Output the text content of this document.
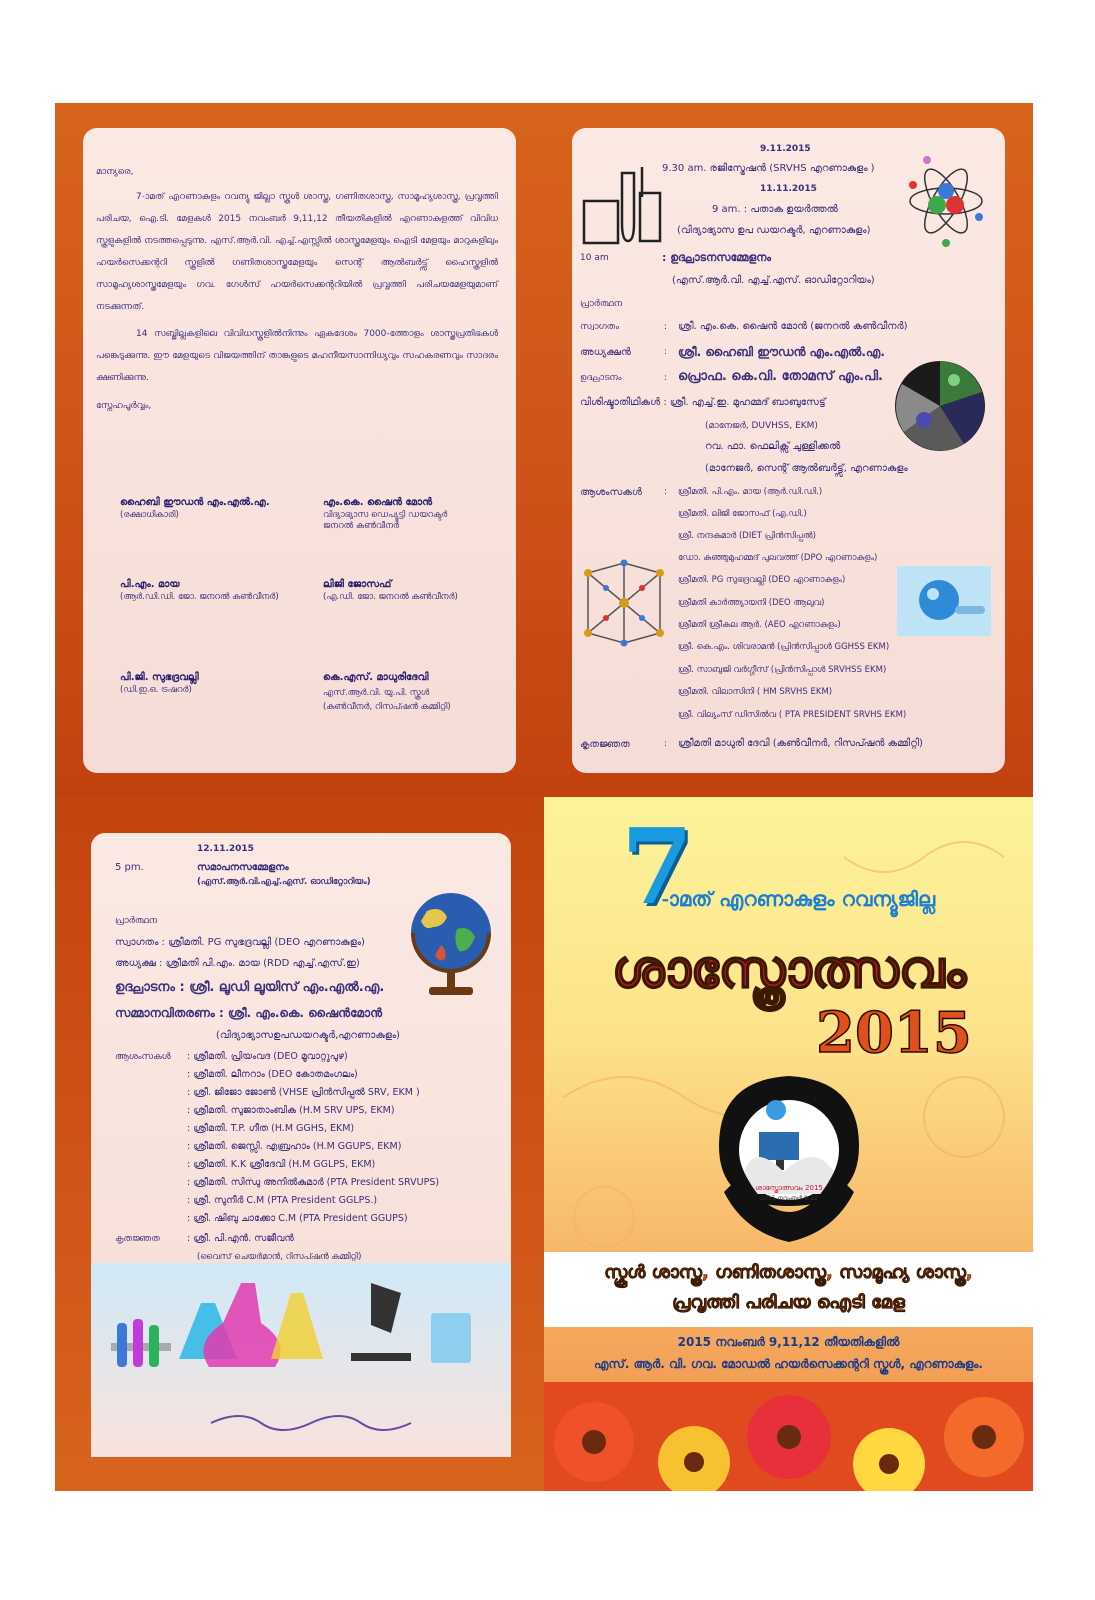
മാന്യരെ,
7-ാമത് എറണാകുളം റവന്യു ജില്ലാ സ്കൂൾ ശാസ്ത്ര, ഗണിതശാസ്ത്ര, സാമൂഹ്യശാസ്ത്ര, പ്രവൃത്തി പരിചയ, ഐ.ടി. മേളകൾ 2015 നവംബർ 9,11,12 തീയതികളിൽ എറണാകുളത്ത് വിവിധ സ്കൂളുകളിൽ നടത്തപ്പെടുന്നു. എസ്.ആർ.വി. എച്ച്.എസ്സിൽ ശാസ്ത്രമേളയും ഐടി മേളയും മാറുകളിലും ഹയർസെക്കന്ററി സ്കൂളിൽ ഗണിതശാസ്ത്രമേളയും സെന്റ് ആൽബർട്ട്സ് ഹൈസ്കൂളിൽ സാമൂഹ്യശാസ്ത്രമേളയും ഗവ. ഗേൾസ് ഹയർസെക്കന്ററിയിൽ പ്രവൃത്തി പരിചയമേളയുമാണ് നടക്കുന്നത്.
14 സബ്ജില്ലകളിലെ വിവിധസ്കൂളിൽനിന്നും ഏകദേശം 7000-ത്തോളം ശാസ്ത്രപ്രതിഭകൾ പങ്കെടുക്കുന്നു. ഈ മേളയുടെ വിജയത്തിന് താങ്കളുടെ മഹനീയസാന്നിധ്യവും സഹകരണവും സാദരം ക്ഷണിക്കുന്നു.
സ്നേഹപൂർവ്വം,
ഹൈബി ഈഡൻ എം.എൽ.എ.
(രക്ഷാധികാരി)
എം.കെ. ഷൈൻ മോൻ
വിദ്യാഭ്യാസ ഡെപ്യൂട്ടി ഡയറക്ടർ
ജനറൽ കൺവീനർ
പി.എം. മായ
(ആർ.ഡി.ഡി. ജോ. ജനറൽ കൺവീനർ)
ലിജി ജോസഫ്
(എ.ഡി. ജോ. ജനറൽ കൺവീനർ)
പി.ജി. സുഭദ്രവല്ലി
(ഡി.ഇ.ഒ. ട്രഷറർ)
കെ.എസ്. മാധുരിദേവി
എസ്.ആർ.വി. യു.പി. സ്കൂൾ
(കൺവീനർ, റിസപ്ഷൻ കമ്മിറ്റി)
9.11.2015
9.30 am. രജിസ്ട്രേഷൻ (SRVHS എറണാകുളം )
11.11.2015
9 am. : പതാക ഉയർത്തൽ
(വിദ്യാഭ്യാസ ഉപ ഡയറക്ടർ, എറണാകുളം)
10 am	: ഉദ്ഘാടനസമ്മേളനം
(എസ്.ആർ.വി. എച്ച്.എസ്. ഓഡിറ്റോറിയം)
പ്രാർത്ഥന
സ്വാഗതം	: ശ്രീ. എം.കെ. ഷൈൻ മോൻ (ജനറൽ കൺവീനർ)
അധ്യക്ഷൻ	: ശ്രീ. ഹൈബി ഈഡൻ എം.എൽ.എ.
ഉദ്ഘാടനം	: പ്രൊഫ. കെ.വി. തോമസ് എം.പി.
വിശിഷ്ടാതിഥികൾ : ശ്രീ. എച്ച്.ഇ. മുഹമ്മദ് ബാബുസേട്ട്
(മാനേജർ, DUVHSS, EKM)
റവ. ഫാ. ഫെലിക്സ് ചുള്ളിക്കൽ
(മാനേജർ, സെന്റ് ആൽബർട്ട്സ്, എറണാകുളം
ആശംസകൾ : ശ്രീമതി. പി.എം. മായ (ആർ.ഡി.ഡി.)
ശ്രീമതി. ലിജി ജോസഫ് (എ.ഡി.)
ശ്രീ. നന്ദകുമാർ (DIET പ്രിൻസിപ്പൽ)
ഡോ. കുഞ്ഞുമുഹമ്മദ് പുലവത്ത് (DPO എറണാകുളം)
ശ്രീമതി. PG സുഭദ്രവല്ലി (DEO എറണാകുളം)
ശ്രീമതി കാർത്ത്യായനി (DEO ആലുവ)
ശ്രീമതി ശ്രീകല ആർ. (AEO എറണാകുളം)
ശ്രീ. കെ.എം. ശിവരാമൻ (പ്രിൻസിപ്പാൾ GGHSS EKM)
ശ്രീ. സാബുജി വർഗ്ഗീസ് (പ്രിൻസിപ്പാൾ SRVHSS EKM)
ശ്രീമതി. വിലാസിനി ( HM SRVHS EKM)
ശ്രീ. വില്യംസ് ഡിസിൽവ ( PTA PRESIDENT SRVHS EKM)
കൃതജ്ഞത	: ശ്രീമതി മാധുരി ദേവി (കൺവീനർ, റിസപ്ഷൻ കമ്മിറ്റി)
12.11.2015
5 pm.	സമാപനസമ്മേളനം
(എസ്.ആർ.വി.എച്ച്.എസ്. ഓഡിറ്റോറിയം)
പ്രാർത്ഥന
സ്വാഗതം : ശ്രീമതി. PG സുഭദ്രവല്ലി (DEO എറണാകുളം)
അധ്യക്ഷ : ശ്രീമതി പി.എം. മായ (RDD എച്ച്.എസ്.ഇ)
ഉദ്ഘാടനം : ശ്രീ. ലൂഡി ലൂയിസ് എം.എൽ.എ.
സമ്മാനവിതരണം : ശ്രീ. എം.കെ. ഷൈൻമോൻ
(വിദ്യാഭ്യാസഉപഡയറക്ടർ,എറണാകുളം)
ആശംസകൾ : ശ്രീമതി. പ്രിയംവദ (DEO മൂവാറ്റുപുഴ)
: ശ്രീമതി. ലീനറാം (DEO കോതമംഗലം)
: ശ്രീ. ജിജോ ജോൺ (VHSE പ്രിൻസിപ്പൽ SRV, EKM )
: ശ്രീമതി. സുജാതാംബിക (H.M SRV UPS, EKM)
: ശ്രീമതി. T.P. ഗീത (H.M GGHS, EKM)
: ശ്രീമതി. ജെസ്സി. എബ്രഹാം (H.M GGUPS, EKM)
: ശ്രീമതി. K.K ശ്രീദേവി (H.M GGLPS, EKM)
: ശ്രീമതി. സിന്ധു അനിൽകുമാർ (PTA President SRVUPS)
: ശ്രീ. സുനീർ C.M (PTA President GGLPS.)
: ശ്രീ. ഷിബു ചാക്കോ C.M (PTA President GGUPS)
കൃതജ്ഞത	: ശ്രീ. പി.എൻ. സജീവൻ
(വൈസ് ചെയർമാൻ, റിസപ്ഷൻ കമ്മിറ്റി)
7
-ാമത് എറണാകുളം റവന്യൂജില്ല
ശാസ്ത്രോത്സവം
2015
ശാസ്ത്രോത്സവം 2015
2015 നവംബർ 9-12
സ്കൂൾ ശാസ്ത്ര, ഗണിതശാസ്ത്ര, സാമൂഹ്യ ശാസ്ത്ര,
പ്രവൃത്തി പരിചയ ഐടി മേള
2015 നവംബർ 9,11,12 തീയതികളിൽ
എസ്. ആർ. വി. ഗവ. മോഡൽ ഹയർസെക്കന്ററി സ്കൂൾ, എറണാകുളം.
